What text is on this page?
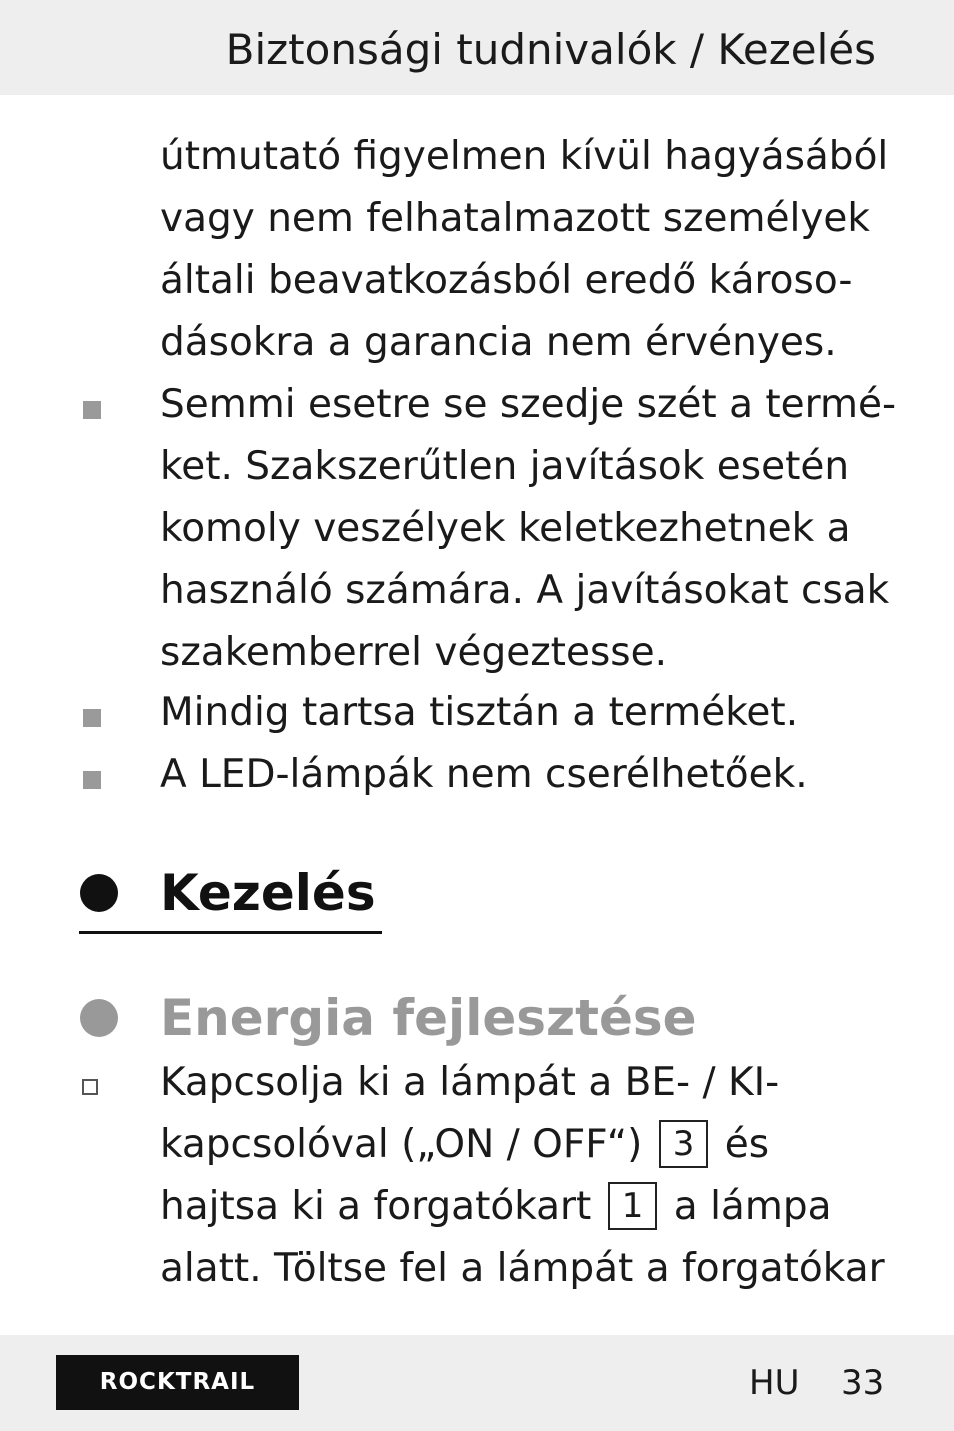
Biztonsági tudnivalók / Kezelés
útmutató figyelmen kívül hagyásából
vagy nem felhatalmazott személyek
általi beavatkozásból eredő károso-
dásokra a garancia nem érvényes.
Semmi esetre se szedje szét a termé-
ket. Szakszerűtlen javítások esetén
komoly veszélyek keletkezhetnek a
használó számára. A javításokat csak
szakemberrel végeztesse.
Mindig tartsa tisztán a terméket.
A LED-lámpák nem cserélhetőek.
Kezelés
Energia fejlesztése
Kapcsolja ki a lámpát a BE- / KI-
kapcsolóval („ON / OFF“) 3 és
hajtsa ki a forgatókart 1 a lámpa
alatt. Töltse fel a lámpát a forgatókar
ROCKTRAIL	HU 33
